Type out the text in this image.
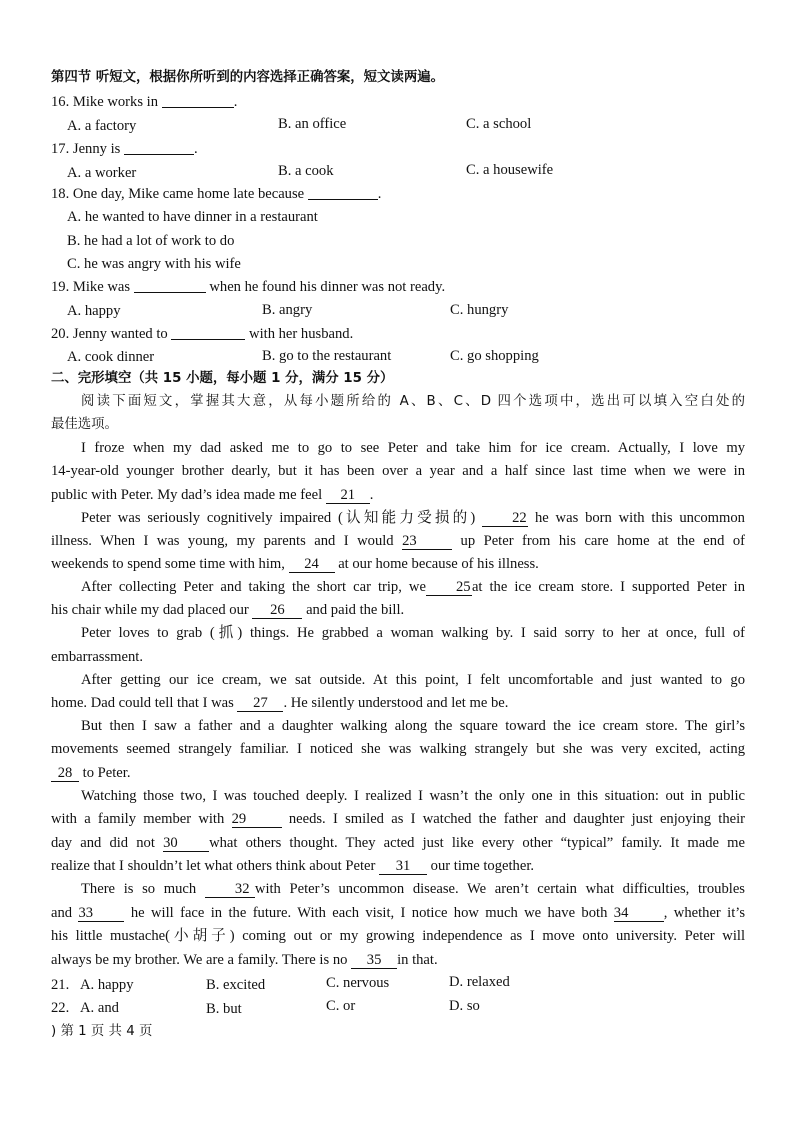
第四节 听短文，根据你所听到的内容选择正确答案，短文读两遍。
16. Mike works in	.
A. a factory	B. an office	C. a school
17. Jenny is	.
A. a worker	B. a cook	C. a housewife
18. One day, Mike came home late because	.
A. he wanted to have dinner in a restaurant
B. he had a lot of work to do
C. he was angry with his wife
19. Mike was	when he found his dinner was not ready.
A. happy	B. angry	C. hungry
20. Jenny wanted to	with her husband.
A. cook dinner	B. go to the restaurant	C. go shopping
二、完形填空（共 15 小题，每小题 1 分，满分 15 分）
阅读下面短文，掌握其大意，从每小题所给的 A、B、C、D 四个选项中，选出可以填入空白处的
最佳选项。
I froze when my dad asked me to go to see Peter and take him for ice cream. Actually, I love my
14-year-old younger brother dearly, but it has been over a year and a half since last time when we were in
public with Peter. My dad’s idea made me feel 21 .
Peter was seriously cognitively impaired (认知能力受损的)	22 he was born with this uncommon
illness. When I was young, my parents and I would 23	up Peter from his care home at the end of
weekends to spend some time with him, 24 at our home because of his illness.
After collecting Peter and taking the short car trip, we 25at the ice cream store. I supported Peter in
his chair while my dad placed our 26 and paid the bill.
Peter loves to grab (抓) things. He grabbed a woman walking by. I said sorry to her at once, full of
embarrassment.
After getting our ice cream, we sat outside. At this point, I felt uncomfortable and just wanted to go
home. Dad could tell that I was 27 . He silently understood and let me be.
But then I saw a father and a daughter walking along the square toward the ice cream store. The girl’s
movements seemed strangely familiar. I noticed she was walking strangely but she was very excited, acting
28 to Peter.
Watching those two, I was touched deeply. I realized I wasn’t the only one in this situation: out in public
with a family member with 29	needs. I smiled as I watched the father and daughter just enjoying their
day and did not 30 what others thought. They acted just like every other “typical” family. It made me
realize that I shouldn’t let what others think about Peter 31 our time together.
There is so much	32 with Peter’s uncommon disease. We aren’t certain what difficulties, troubles
and 33	he will face in the future. With each visit, I notice how much we have both 34 , whether it’s
his little mustache(小胡子) coming out or my growing independence as I move onto university. Peter will
always be my brother. We are a family. There is no 35 in that.
21. A. happy	B. excited	C. nervous	D. relaxed
22. A. and	B. but	C. or	D. so
) 第 1 页 共 4 页
